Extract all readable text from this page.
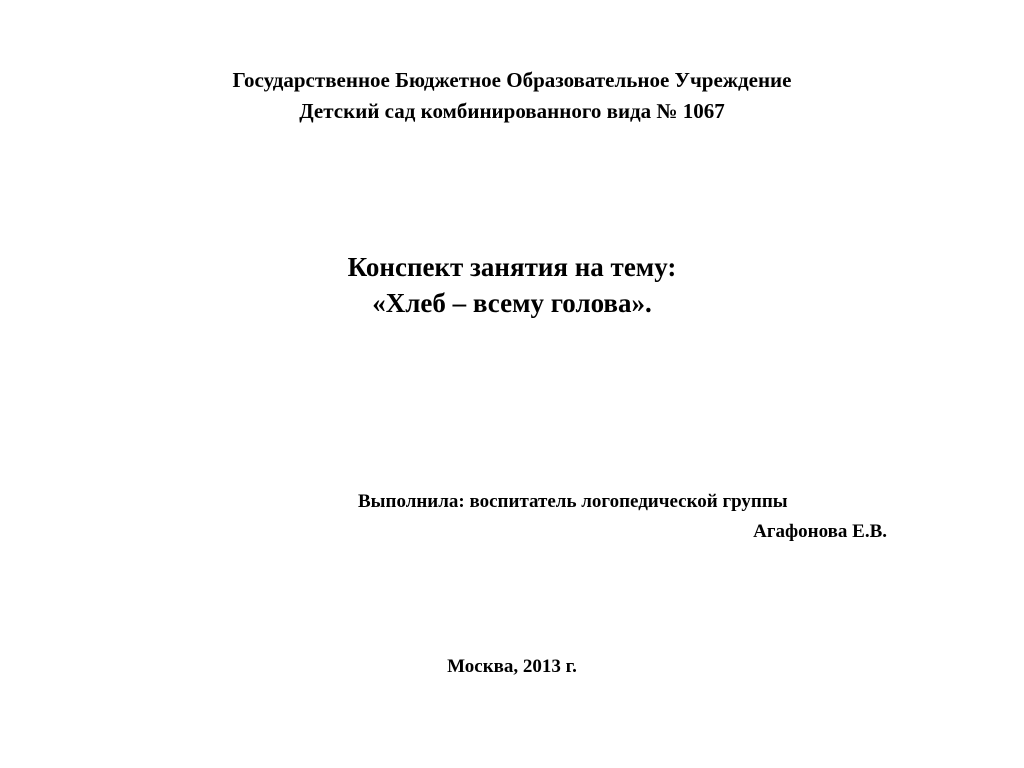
Государственное Бюджетное Образовательное Учреждение
Детский сад комбинированного вида № 1067
Конспект занятия на тему:
«Хлеб – всему голова».
Выполнила: воспитатель логопедической группы
Агафонова Е.В.
Москва, 2013 г.
